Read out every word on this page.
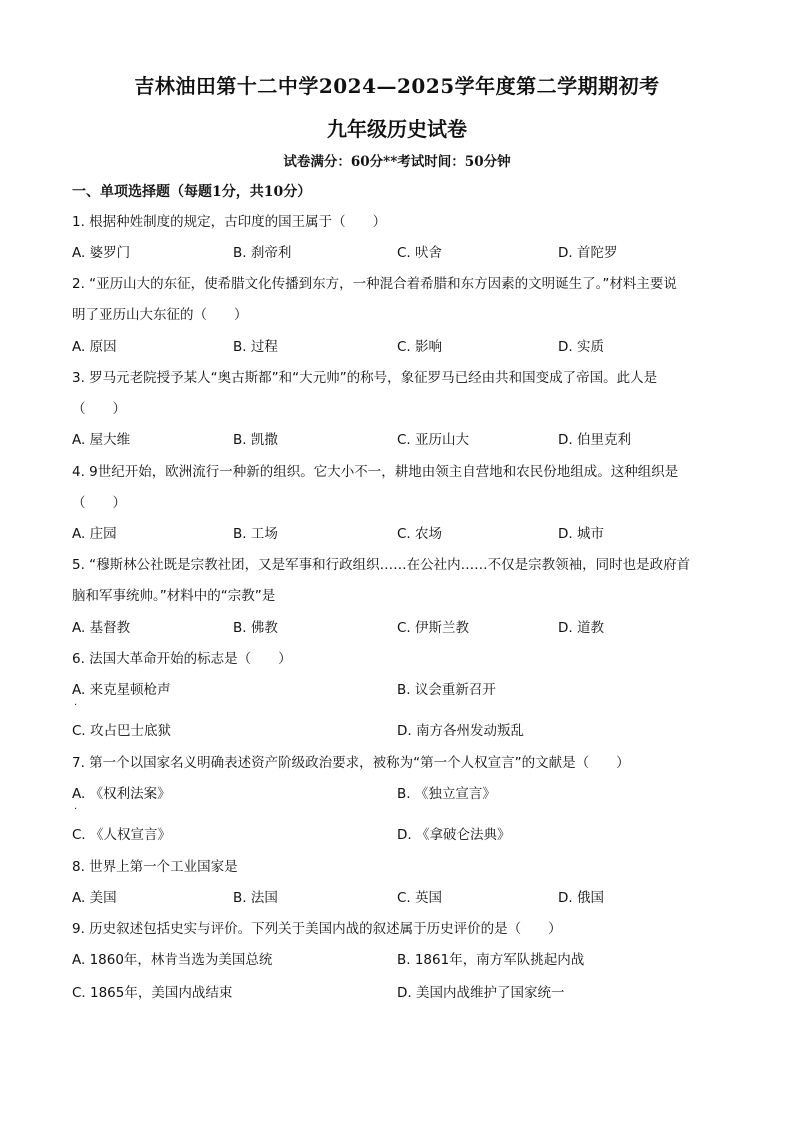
吉林油田第十二中学2024—2025学年度第二学期期初考
九年级历史试卷
试卷满分：60分**考试时间：50分钟
一、单项选择题（每题1分，共10分）
1. 根据种姓制度的规定，古印度的国王属于（　　）
A. 婆罗门	B. 刹帝利	C. 吠舍	D. 首陀罗
2. “亚历山大的东征，使希腊文化传播到东方，一种混合着希腊和东方因素的文明诞生了。”材料主要说
明了亚历山大东征的（　　）
A. 原因	B. 过程	C. 影响	D. 实质
3. 罗马元老院授予某人“奥古斯都”和“大元帅”的称号，象征罗马已经由共和国变成了帝国。此人是
（　　）
A. 屋大维	B. 凯撒	C. 亚历山大	D. 伯里克利
4. 9世纪开始，欧洲流行一种新的组织。它大小不一，耕地由领主自营地和农民份地组成。这种组织是
（　　）
A. 庄园	B. 工场	C. 农场	D. 城市
5. “穆斯林公社既是宗教社团，又是军事和行政组织……在公社内……不仅是宗教领袖，同时也是政府首
脑和军事统帅。”材料中的“宗教”是
A. 基督教	B. 佛教	C. 伊斯兰教	D. 道教
6. 法国大革命开始的标志是（　　）
A. 来克星顿枪声	B. 议会重新召开
·
C. 攻占巴士底狱	D. 南方各州发动叛乱
7. 第一个以国家名义明确表述资产阶级政治要求，被称为“第一个人权宣言”的文献是（　　）
A. 《权利法案》	B. 《独立宣言》
·
C. 《人权宣言》	D. 《拿破仑法典》
8. 世界上第一个工业国家是
A. 美国	B. 法国	C. 英国	D. 俄国
9. 历史叙述包括史实与评价。下列关于美国内战的叙述属于历史评价的是（　　）
A. 1860年，林肯当选为美国总统	B. 1861年，南方军队挑起内战
C. 1865年，美国内战结束	D. 美国内战维护了国家统一
